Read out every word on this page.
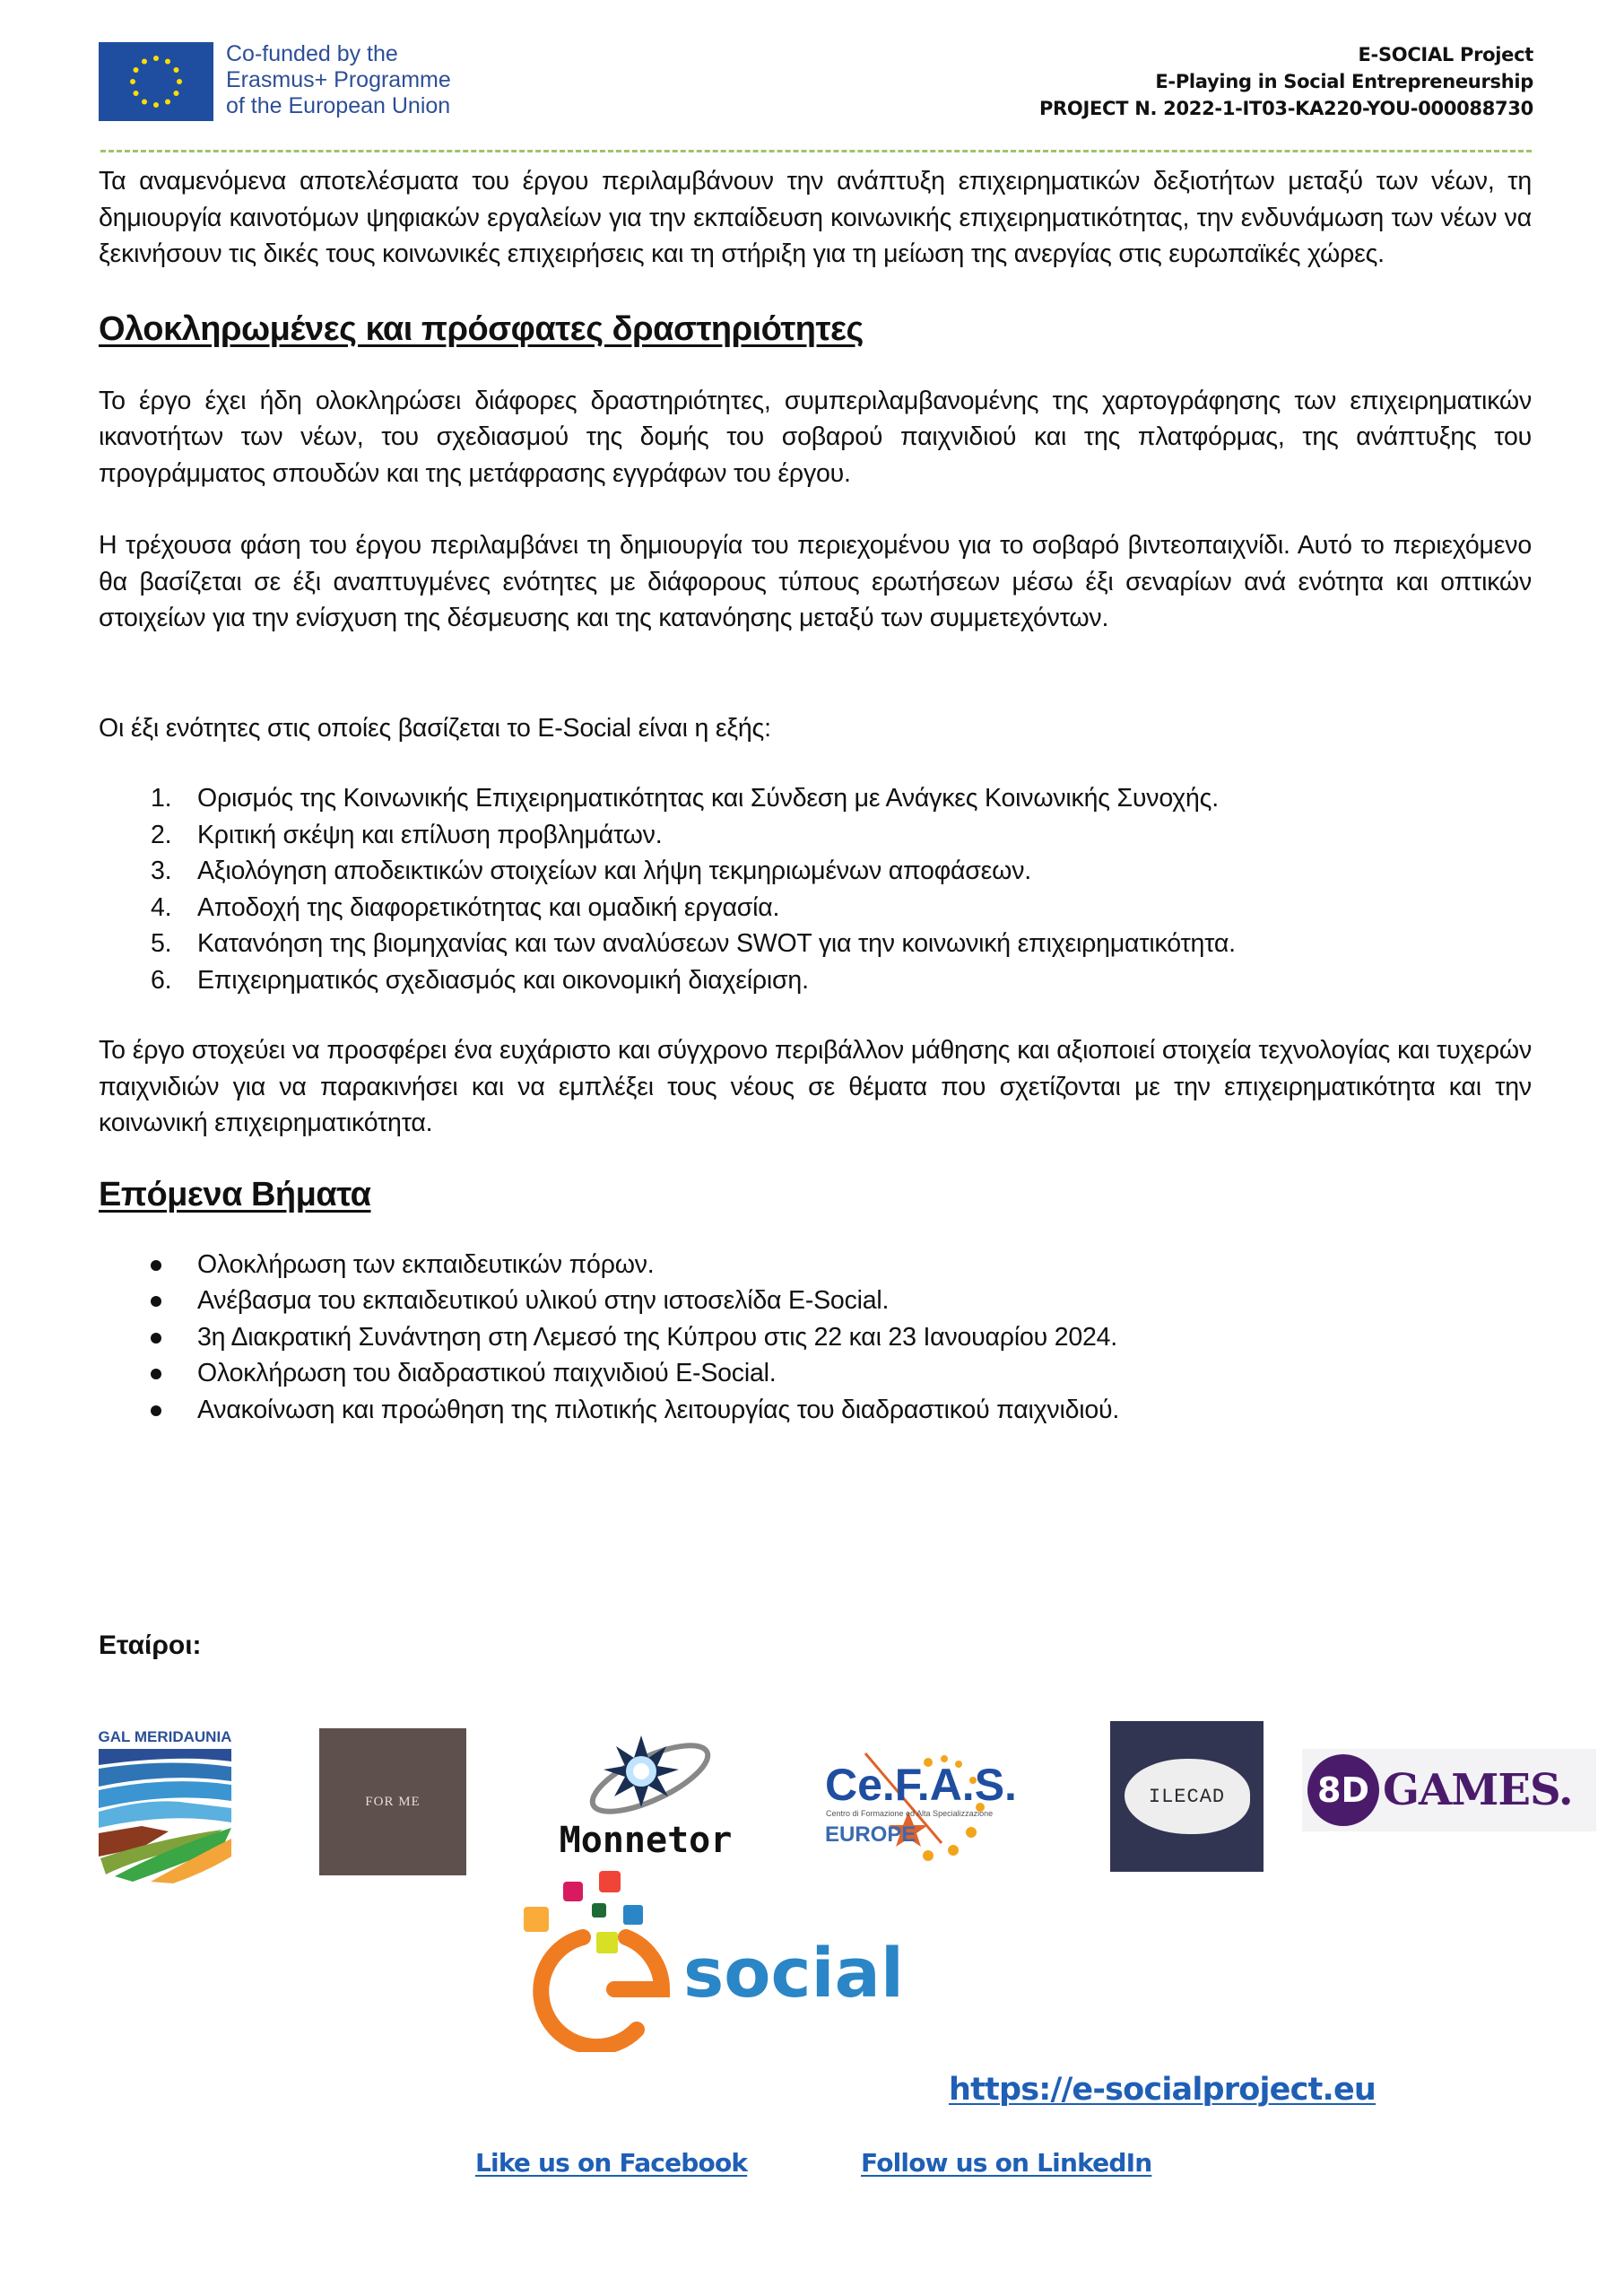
Co-funded by the
Erasmus+ Programme
of the European Union
E-SOCIAL Project
E-Playing in Social Entrepreneurship
PROJECT N. 2022-1-IT03-KA220-YOU-000088730

Τα αναμενόμενα αποτελέσματα του έργου περιλαμβάνουν την ανάπτυξη επιχειρηματικών δεξιοτήτων μεταξύ των νέων, τη δημιουργία καινοτόμων ψηφιακών εργαλείων για την εκπαίδευση κοινωνικής επιχειρηματικότητας, την ενδυνάμωση των νέων να ξεκινήσουν τις δικές τους κοινωνικές επιχειρήσεις και τη στήριξη για τη μείωση της ανεργίας στις ευρωπαϊκές χώρες.

Ολοκληρωμένες και πρόσφατες δραστηριότητες

Το έργο έχει ήδη ολοκληρώσει διάφορες δραστηριότητες, συμπεριλαμβανομένης της χαρτογράφησης των επιχειρηματικών ικανοτήτων των νέων, του σχεδιασμού της δομής του σοβαρού παιχνιδιού και της πλατφόρμας, της ανάπτυξης του προγράμματος σπουδών και της μετάφρασης εγγράφων του έργου.

Η τρέχουσα φάση του έργου περιλαμβάνει τη δημιουργία του περιεχομένου για το σοβαρό βιντεοπαιχνίδι. Αυτό το περιεχόμενο θα βασίζεται σε έξι αναπτυγμένες ενότητες με διάφορους τύπους ερωτήσεων μέσω έξι σεναρίων ανά ενότητα και οπτικών στοιχείων για την ενίσχυση της δέσμευσης και της κατανόησης μεταξύ των συμμετεχόντων.

Οι έξι ενότητες στις οποίες βασίζεται το E-Social είναι η εξής:

1. Ορισμός της Κοινωνικής Επιχειρηματικότητας και Σύνδεση με Ανάγκες Κοινωνικής Συνοχής.
2. Κριτική σκέψη και επίλυση προβλημάτων.
3. Αξιολόγηση αποδεικτικών στοιχείων και λήψη τεκμηριωμένων αποφάσεων.
4. Αποδοχή της διαφορετικότητας και ομαδική εργασία.
5. Κατανόηση της βιομηχανίας και των αναλύσεων SWOT για την κοινωνική επιχειρηματικότητα.
6. Επιχειρηματικός σχεδιασμός και οικονομική διαχείριση.

Το έργο στοχεύει να προσφέρει ένα ευχάριστο και σύγχρονο περιβάλλον μάθησης και αξιοποιεί στοιχεία τεχνολογίας και τυχερών παιχνιδιών για να παρακινήσει και να εμπλέξει τους νέους σε θέματα που σχετίζονται με την επιχειρηματικότητα και την κοινωνική επιχειρηματικότητα.

Επόμενα Βήματα
Ολοκλήρωση των εκπαιδευτικών πόρων.
Ανέβασμα του εκπαιδευτικού υλικού στην ιστοσελίδα E-Social.
3η Διακρατική Συνάντηση στη Λεμεσό της Κύπρου στις 22 και 23 Ιανουαρίου 2024.
Ολοκλήρωση του διαδραστικού παιχνιδιού E-Social.
Ανακοίνωση και προώθηση της πιλοτικής λειτουργίας του διαδραστικού παιχνιδιού.
Εταίροι:
GAL MERIDAUNIA
FOR ME
Monnetor
Ce.F.A.S.
Centro di Formazione ed Alta Specializzazione
EUROPE
ILECAD	8D GAMES.
social
https://e-socialproject.eu
Like us on Facebook	Follow us on LinkedIn
